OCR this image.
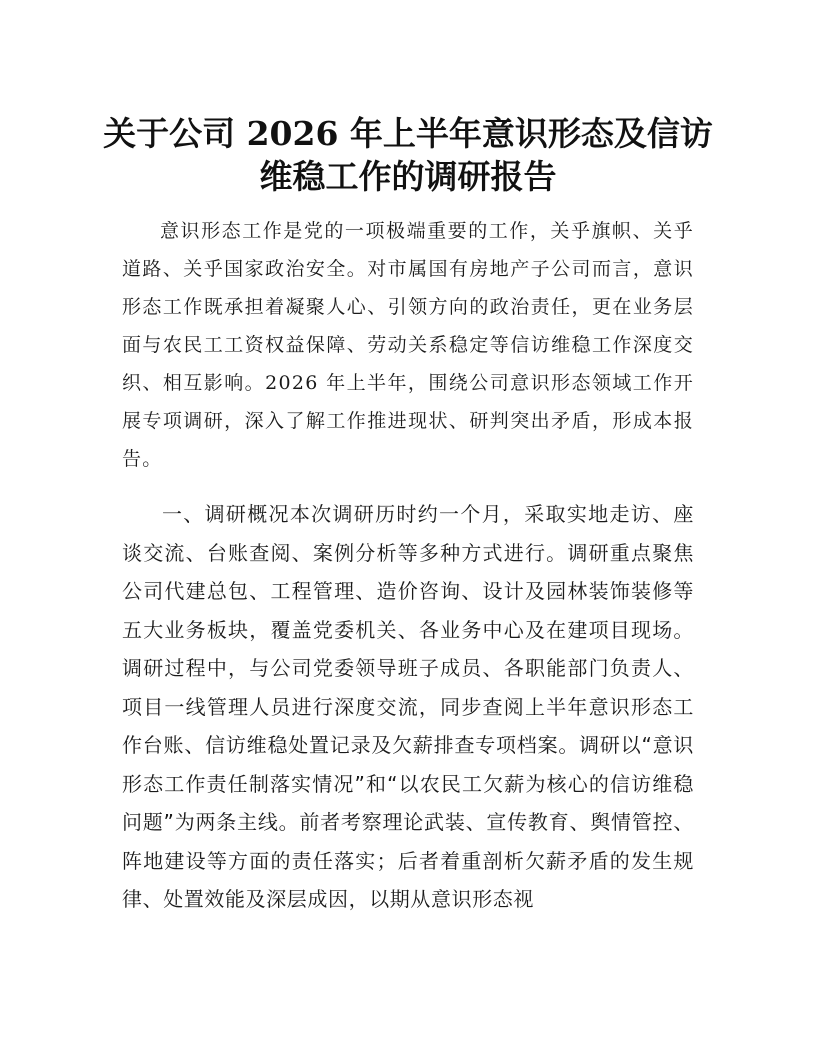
关于公司 2026 年上半年意识形态及信访维稳工作的调研报告

意识形态工作是党的一项极端重要的工作，关乎旗帜、关乎道路、关乎国家政治安全。对市属国有房地产子公司而言，意识形态工作既承担着凝聚人心、引领方向的政治责任，更在业务层面与农民工工资权益保障、劳动关系稳定等信访维稳工作深度交织、相互影响。2026 年上半年，围绕公司意识形态领域工作开展专项调研，深入了解工作推进现状、研判突出矛盾，形成本报告。

一、调研概况本次调研历时约一个月，采取实地走访、座谈交流、台账查阅、案例分析等多种方式进行。调研重点聚焦公司代建总包、工程管理、造价咨询、设计及园林装饰装修等五大业务板块，覆盖党委机关、各业务中心及在建项目现场。调研过程中，与公司党委领导班子成员、各职能部门负责人、项目一线管理人员进行深度交流，同步查阅上半年意识形态工作台账、信访维稳处置记录及欠薪排查专项档案。调研以“意识形态工作责任制落实情况”和“以农民工欠薪为核心的信访维稳问题”为两条主线。前者考察理论武装、宣传教育、舆情管控、阵地建设等方面的责任落实；后者着重剖析欠薪矛盾的发生规律、处置效能及深层成因，以期从意识形态视
